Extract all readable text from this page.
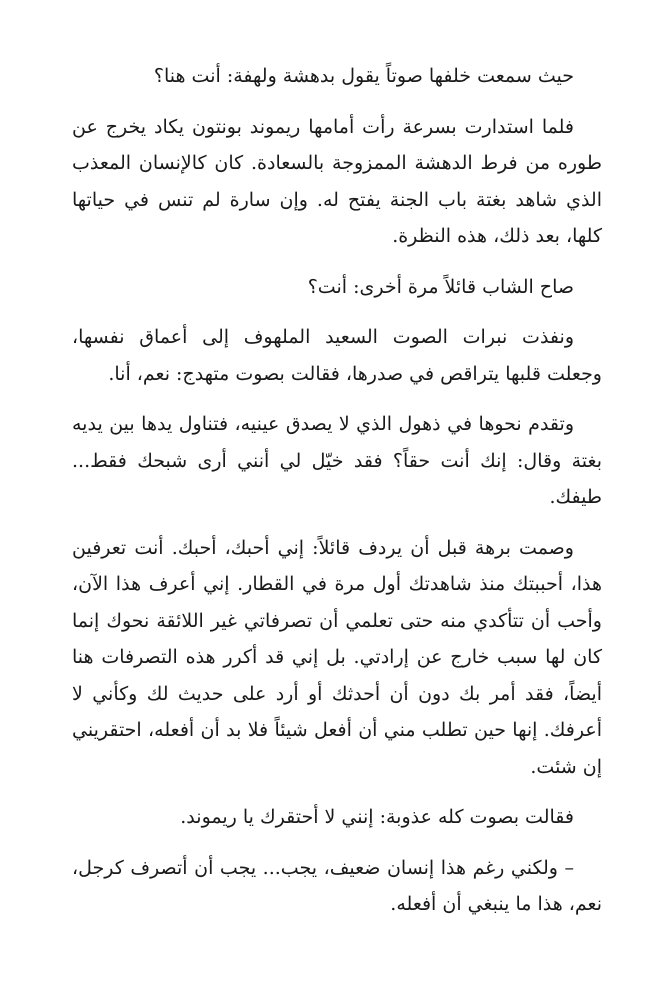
حيث سمعت خلفها صوتاً يقول بدهشة ولهفة: أنت هنا؟

فلما استدارت بسرعة رأت أمامها ريموند بونتون يكاد يخرج عن طوره من فرط الدهشة الممزوجة بالسعادة. كان كالإنسان المعذب الذي شاهد بغتة باب الجنة يفتح له. وإن سارة لم تنس في حياتها كلها، بعد ذلك، هذه النظرة.

صاح الشاب قائلاً مرة أخرى: أنت؟

ونفذت نبرات الصوت السعيد الملهوف إلى أعماق نفسها، وجعلت قلبها يتراقص في صدرها، فقالت بصوت متهدج: نعم، أنا.

وتقدم نحوها في ذهول الذي لا يصدق عينيه، فتناول يدها بين يديه بغتة وقال: إنك أنت حقاً؟ فقد خيّل لي أنني أرى شبحك فقط... طيفك.

وصمت برهة قبل أن يردف قائلاً: إني أحبك، أحبك. أنت تعرفين هذا، أحببتك منذ شاهدتك أول مرة في القطار. إني أعرف هذا الآن، وأحب أن تتأكدي منه حتى تعلمي أن تصرفاتي غير اللائقة نحوك إنما كان لها سبب خارج عن إرادتي. بل إني قد أكرر هذه التصرفات هنا أيضاً، فقد أمر بك دون أن أحدثك أو أرد على حديث لك وكأني لا أعرفك. إنها حين تطلب مني أن أفعل شيئاً فلا بد أن أفعله، احتقريني إن شئت.

فقالت بصوت كله عذوبة: إنني لا أحتقرك يا ريموند.

– ولكني رغم هذا إنسان ضعيف، يجب... يجب أن أتصرف كرجل، نعم، هذا ما ينبغي أن أفعله.
